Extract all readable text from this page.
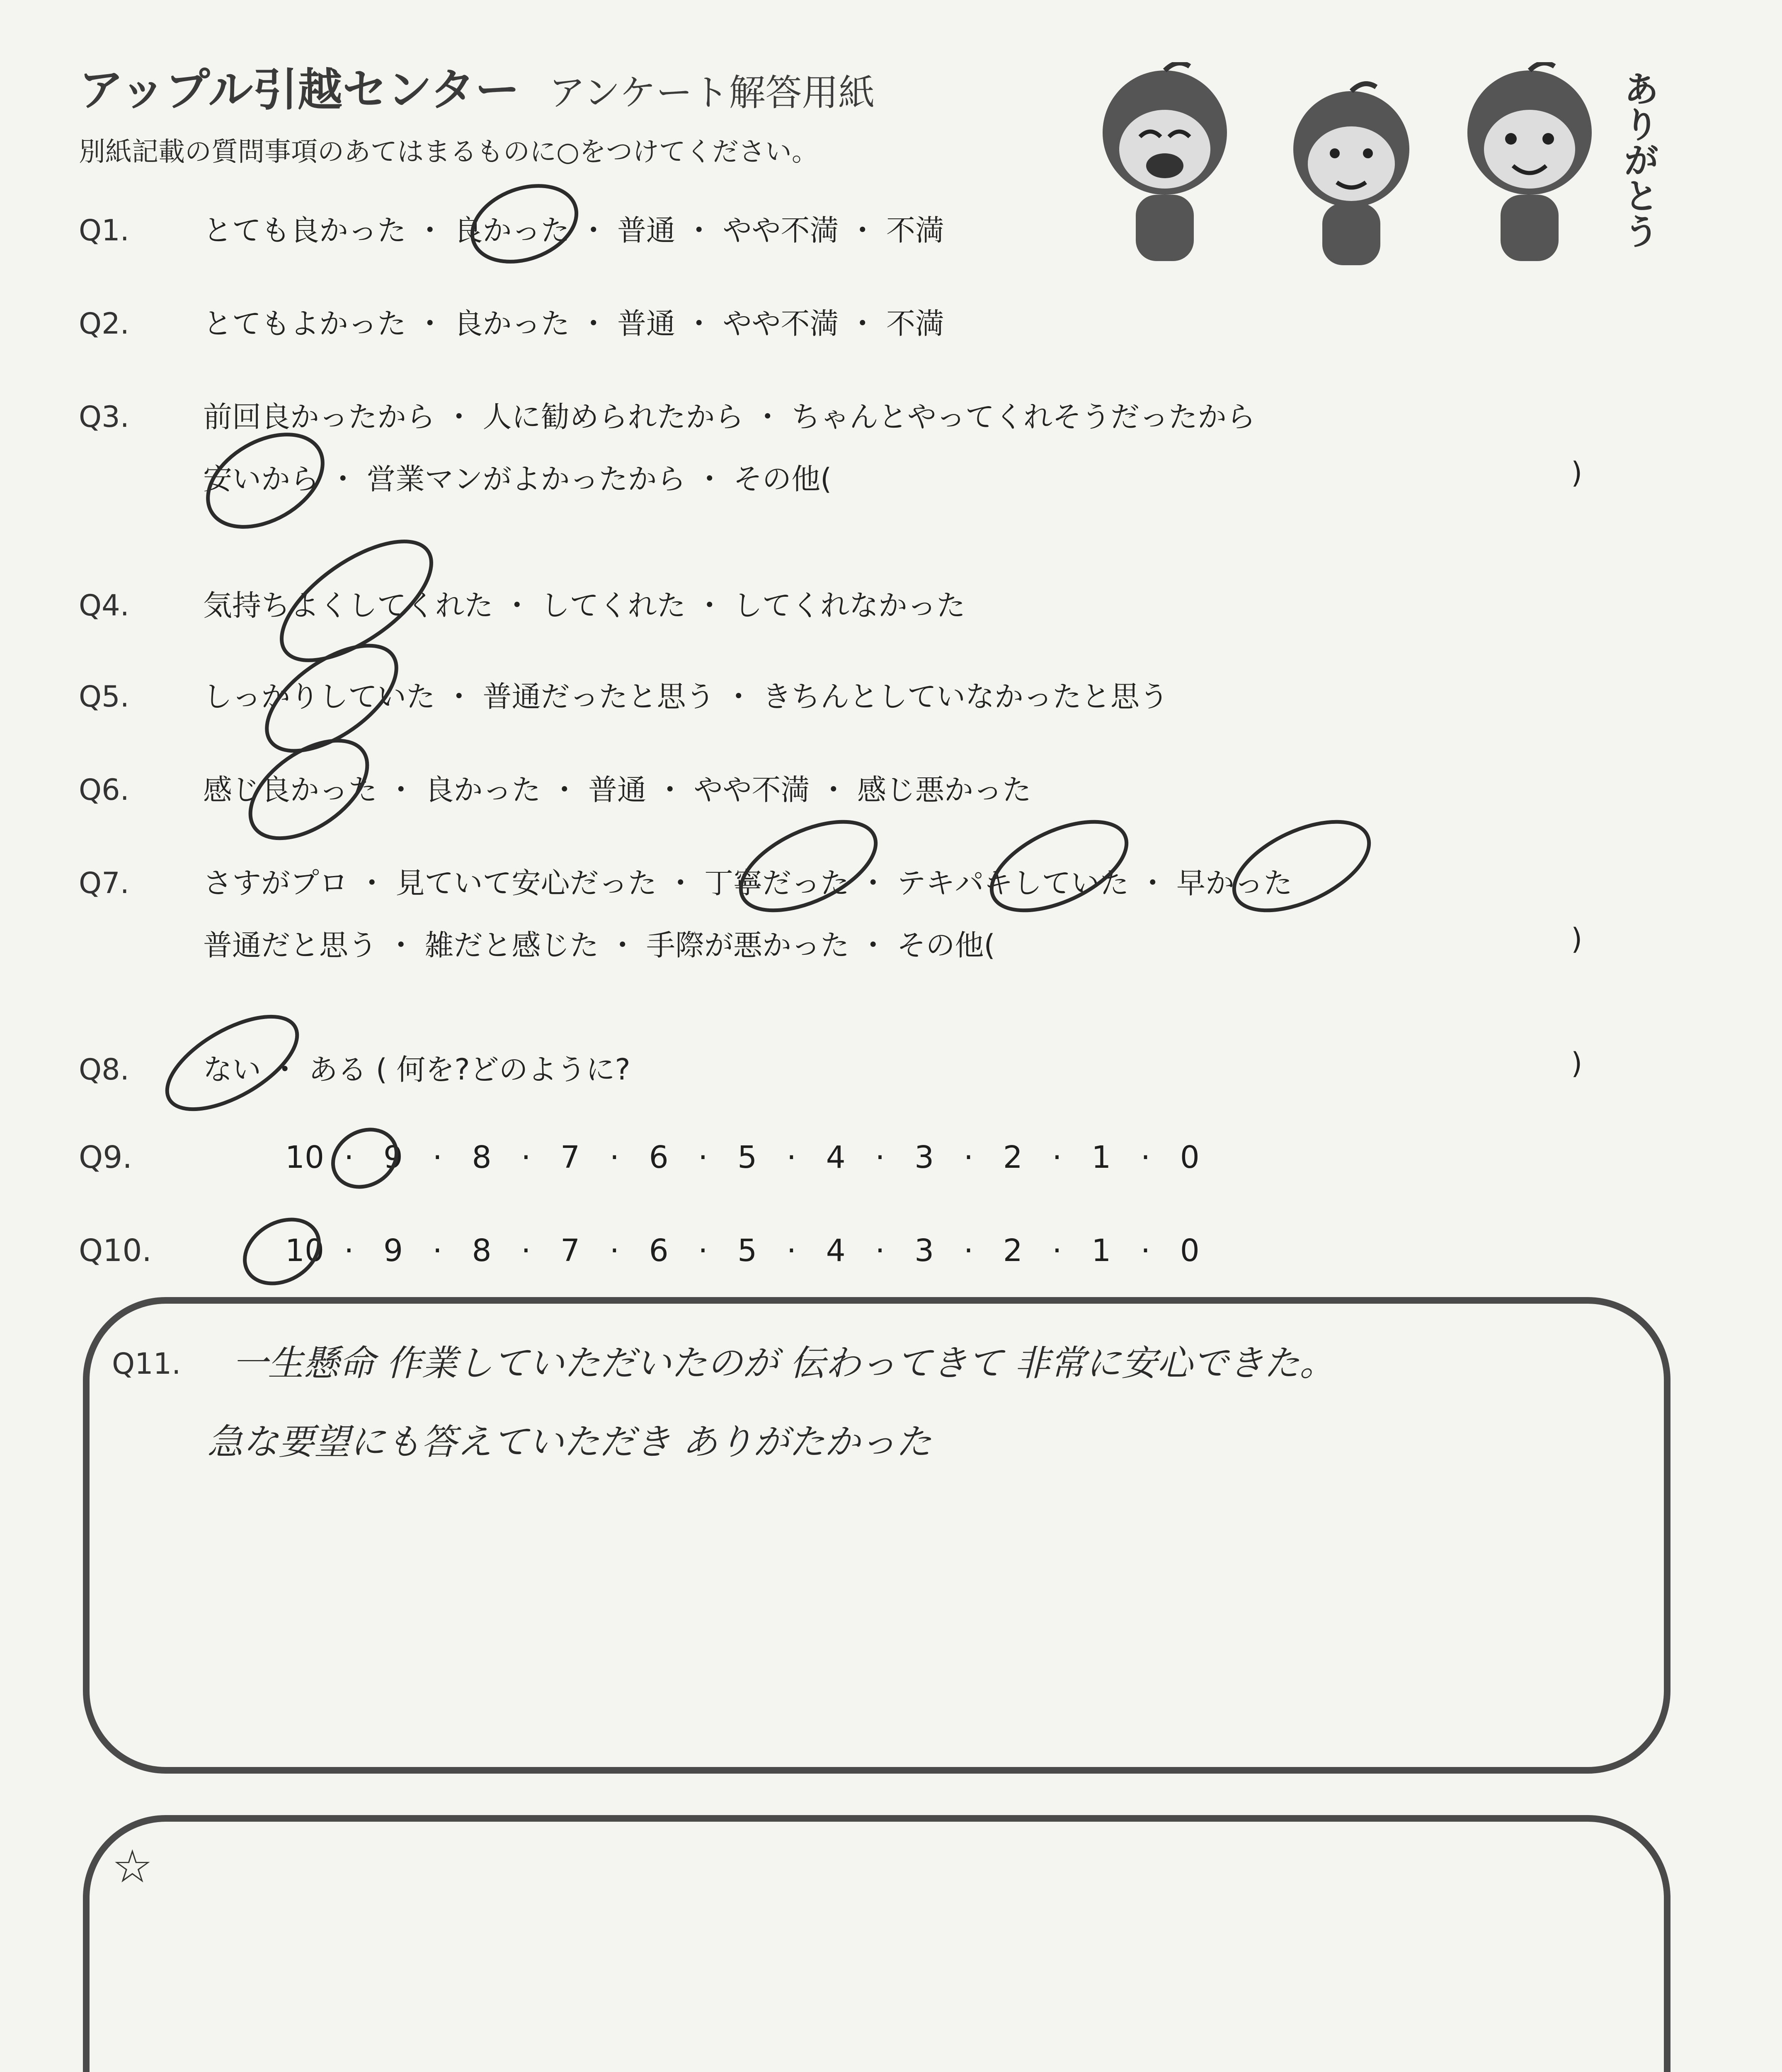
アップル引越センター アンケート解答用紙
別紙記載の質問事項のあてはまるものに○をつけてください。	ありがとう
Q1.	とても良かった ・ 良かった ・ 普通 ・ やや不満 ・ 不満
Q2.	とてもよかった ・ 良かった ・ 普通 ・ やや不満 ・ 不満
Q3.	前回良かったから ・ 人に勧められたから ・ ちゃんとやってくれそうだったから
安いから ・ 営業マンがよかったから ・ その他(	)
Q4.	気持ちよくしてくれた ・ してくれた ・ してくれなかった
Q5.	しっかりしていた ・ 普通だったと思う ・ きちんとしていなかったと思う
Q6.	感じ良かった ・ 良かった ・ 普通 ・ やや不満 ・ 感じ悪かった
Q7.	さすがプロ ・ 見ていて安心だった ・ 丁寧だった ・ テキパキしていた ・ 早かった
普通だと思う ・ 雑だと感じた ・ 手際が悪かった ・ その他(	)
Q8.	ない ・ ある ( 何を?どのように?	)
Q9.	10 · 9 · 8 · 7 · 6 · 5 · 4 · 3 · 2 · 1 · 0
Q10.	10 · 9 · 8 · 7 · 6 · 5 · 4 · 3 · 2 · 1 · 0
Q11. 一生懸命 作業していただいたのが 伝わってきて 非常に安心できた。
急な要望にも答えていただき ありがたかった
☆
